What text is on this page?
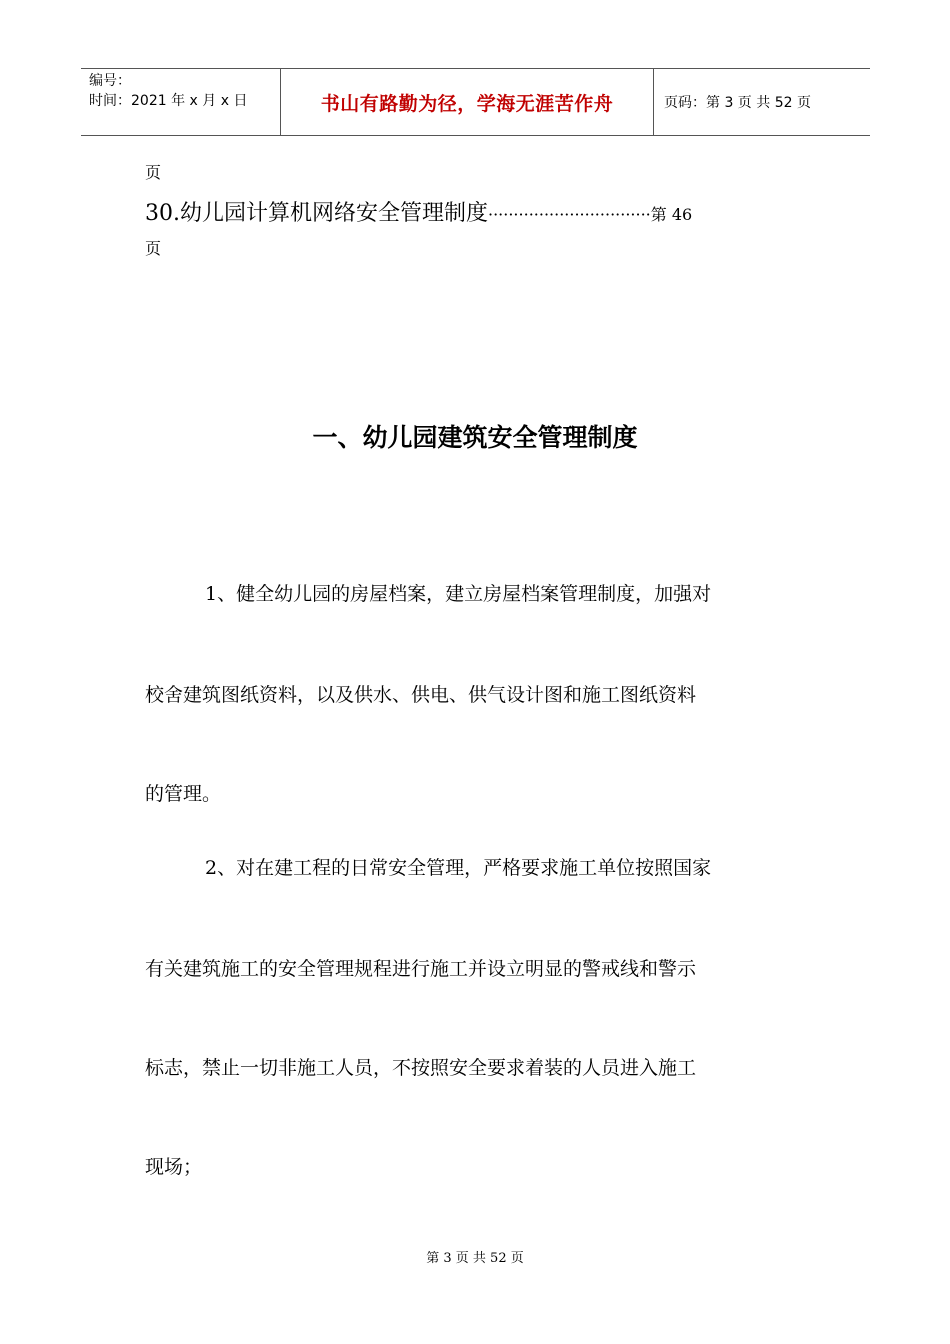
编号：
时间：2021 年 x 月 x 日	书山有路勤为径，学海无涯苦作舟	页码：第 3 页 共 52 页
页
30.幼儿园计算机网络安全管理制度································第 46
页
一、幼儿园建筑安全管理制度
1、健全幼儿园的房屋档案，建立房屋档案管理制度，加强对
校舍建筑图纸资料，以及供水、供电、供气设计图和施工图纸资料
的管理。
2、对在建工程的日常安全管理，严格要求施工单位按照国家
有关建筑施工的安全管理规程进行施工并设立明显的警戒线和警示
标志，禁止一切非施工人员，不按照安全要求着装的人员进入施工
现场；
第 3 页 共 52 页
